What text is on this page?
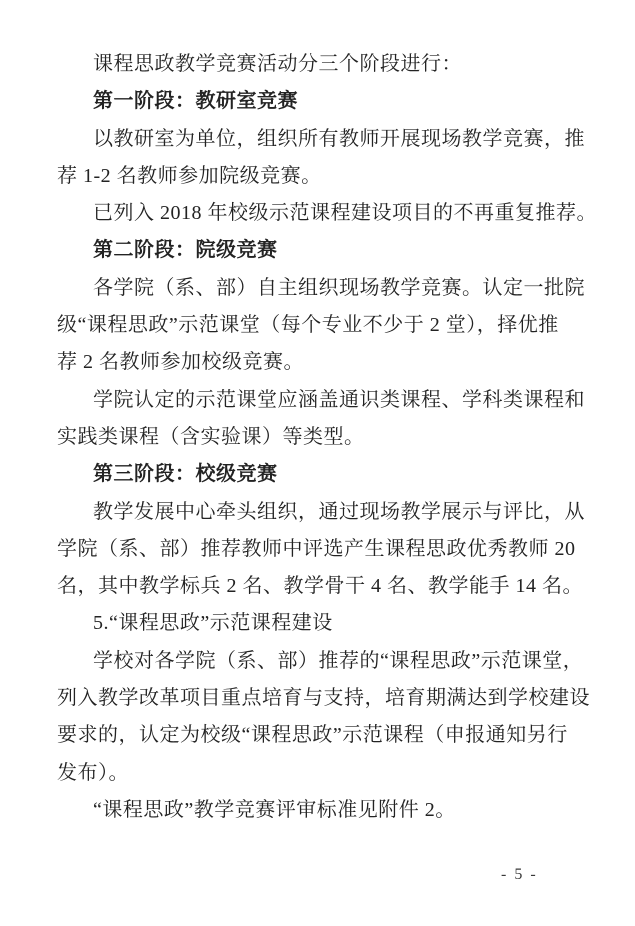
课程思政教学竞赛活动分三个阶段进行：
第一阶段：教研室竞赛
以教研室为单位，组织所有教师开展现场教学竞赛，推
荐 1-2 名教师参加院级竞赛。
已列入 2018 年校级示范课程建设项目的不再重复推荐。
第二阶段：院级竞赛
各学院（系、部）自主组织现场教学竞赛。认定一批院
级“课程思政”示范课堂（每个专业不少于 2 堂），择优推
荐 2 名教师参加校级竞赛。
学院认定的示范课堂应涵盖通识类课程、学科类课程和
实践类课程（含实验课）等类型。
第三阶段：校级竞赛
教学发展中心牵头组织，通过现场教学展示与评比，从
学院（系、部）推荐教师中评选产生课程思政优秀教师 20
名，其中教学标兵 2 名、教学骨干 4 名、教学能手 14 名。
5.“课程思政”示范课程建设
学校对各学院（系、部）推荐的“课程思政”示范课堂，
列入教学改革项目重点培育与支持，培育期满达到学校建设
要求的，认定为校级“课程思政”示范课程（申报通知另行
发布）。
“课程思政”教学竞赛评审标准见附件 2。
- 5 -
